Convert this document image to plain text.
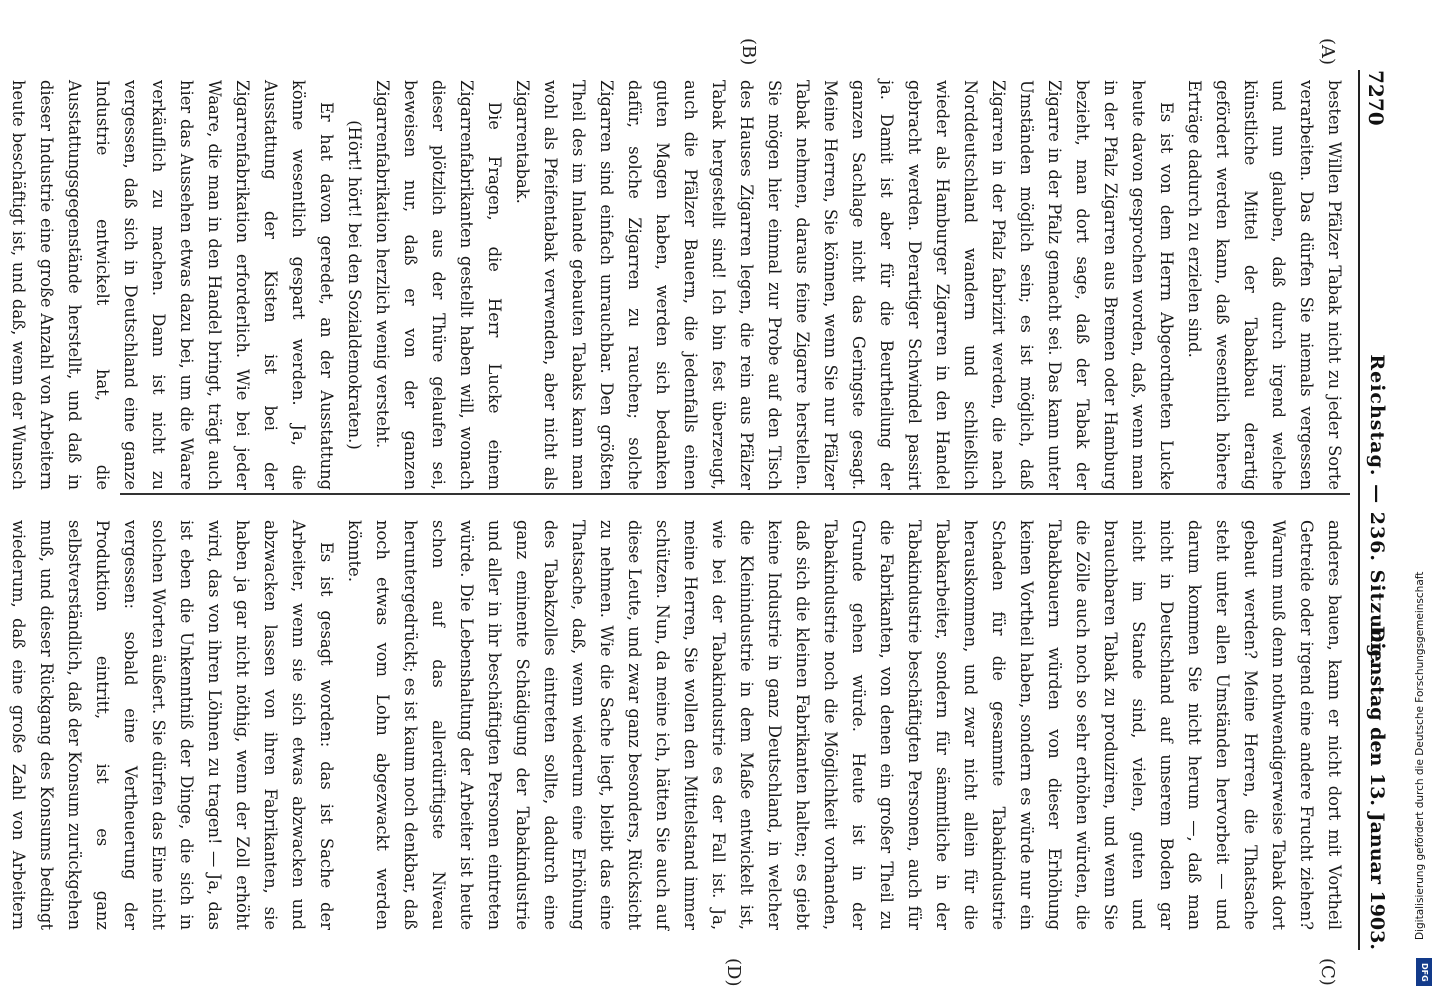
7270
Reichstag. — 236. Sitzung.
Dienstag den 13. Januar 1903.
(A)
(B)
(C)
(D)

besten Willen Pfälzer Tabak nicht zu jeder Sorte verarbeiten. Das dürfen Sie niemals vergessen und nun glauben, daß durch irgend welche künstliche Mittel der Tabakbau derartig gefördert werden kann, daß wesentlich höhere Erträge dadurch zu erzielen sind.

Es ist von dem Herrn Abgeordneten Lucke heute davon gesprochen worden, daß, wenn man in der Pfalz Zigarren aus Bremen oder Hamburg bezieht, man dort sage, daß der Tabak der Zigarre in der Pfalz gemacht sei. Das kann unter Umständen möglich sein; es ist möglich, daß Zigarren in der Pfalz fabrizirt werden, die nach Norddeutschland wandern und schließlich wieder als Hamburger Zigarren in den Handel gebracht werden. Derartiger Schwindel passirt ja. Damit ist aber für die Beurtheilung der ganzen Sachlage nicht das Geringste gesagt. Meine Herren, Sie können, wenn Sie nur Pfälzer Tabak nehmen, daraus feine Zigarre herstellen. Sie mögen hier einmal zur Probe auf den Tisch des Hauses Zigarren legen, die rein aus Pfälzer Tabak hergestellt sind! Ich bin fest überzeugt, auch die Pfälzer Bauern, die jedenfalls einen guten Magen haben, werden sich bedanken dafür, solche Zigarren zu rauchen; solche Zigarren sind einfach unrauchbar. Den größten Theil des im Inlande gebauten Tabaks kann man wohl als Pfeifentabak verwenden, aber nicht als Zigarrentabak.

Die Fragen, die Herr Lucke einem Zigarrenfabrikanten gestellt haben will, wonach dieser plötzlich aus der Thüre gelaufen sei, beweisen nur, daß er von der ganzen Zigarrenfabrikation herzlich wenig versteht.

(Hört! hört! bei den Sozialdemokraten.)

Er hat davon geredet, an der Ausstattung könne wesentlich gespart werden. Ja, die Ausstattung der Kisten ist bei der Zigarrenfabrikation erforderlich. Wie bei jeder Waare, die man in den Handel bringt, trägt auch hier das Aussehen etwas dazu bei, um die Waare verkäuflich zu machen. Dann ist nicht zu vergessen, daß sich in Deutschland eine ganze Industrie entwickelt hat, die Ausstattungsgegenstände herstellt, und daß in dieser Industrie eine große Anzahl von Arbeitern heute beschäftigt ist, und daß, wenn der Wunsch

anderes bauen, kann er nicht dort mit Vortheil Getreide oder irgend eine andere Frucht ziehen? Warum muß denn nothwendigerweise Tabak dort gebaut werden? Meine Herren, die Thatsache steht unter allen Umständen hervorbeit — und darum kommen Sie nicht herum —, daß man nicht in Deutschland auf unserem Boden gar nicht im Stande sind, vielen, guten und brauchbaren Tabak zu produziren, und wenn Sie die Zölle auch noch so sehr erhöhen würden, die Tabakbauern würden von dieser Erhöhung keinen Vortheil haben, sondern es würde nur ein Schaden für die gesammte Tabakindustrie herauskommen, und zwar nicht allein für die Tabakarbeiter, sondern für sämmtliche in der Tabakindustrie beschäftigten Personen, auch für die Fabrikanten, von denen ein großer Theil zu Grunde gehen würde. Heute ist in der Tabakindustrie noch die Möglichkeit vorhanden, daß sich die kleinen Fabrikanten halten; es giebt keine Industrie in ganz Deutschland, in welcher die Kleinindustrie in dem Maße entwickelt ist, wie bei der Tabakindustrie es der Fall ist. Ja, meine Herren, Sie wollen den Mittelstand immer schützen. Nun, da meine ich, hätten Sie auch auf diese Leute, und zwar ganz besonders, Rücksicht zu nehmen. Wie die Sache liegt, bleibt das eine Thatsache, daß, wenn wiederum eine Erhöhung des Tabakzolles eintreten sollte, dadurch eine ganz eminente Schädigung der Tabakindustrie und aller in ihr beschäftigten Personen eintreten würde. Die Lebenshaltung der Arbeiter ist heute schon auf das allerdürftigste Niveau heruntergedrückt; es ist kaum noch denkbar, daß noch etwas vom Lohn abgezwackt werden könnte.

Es ist gesagt worden: das ist Sache der Arbeiter, wenn sie sich etwas abzwacken und abzwacken lassen von ihren Fabrikanten, sie haben ja gar nicht nöthig, wenn der Zoll erhöht wird, das von ihren Löhnen zu tragen! — Ja, das ist eben die Unkenntniß der Dinge, die sich in solchen Worten äußert. Sie dürfen das Eine nicht vergessen: sobald eine Vertheuerung der Produktion eintritt, ist es ganz selbstverständlich, daß der Konsum zurückgehen muß, und dieser Rückgang des Konsums bedingt wiederum, daß eine große Zahl von Arbeitern	Digitalisierung gefördert durch die Deutsche Forschungsgemeinschaft
DFG
